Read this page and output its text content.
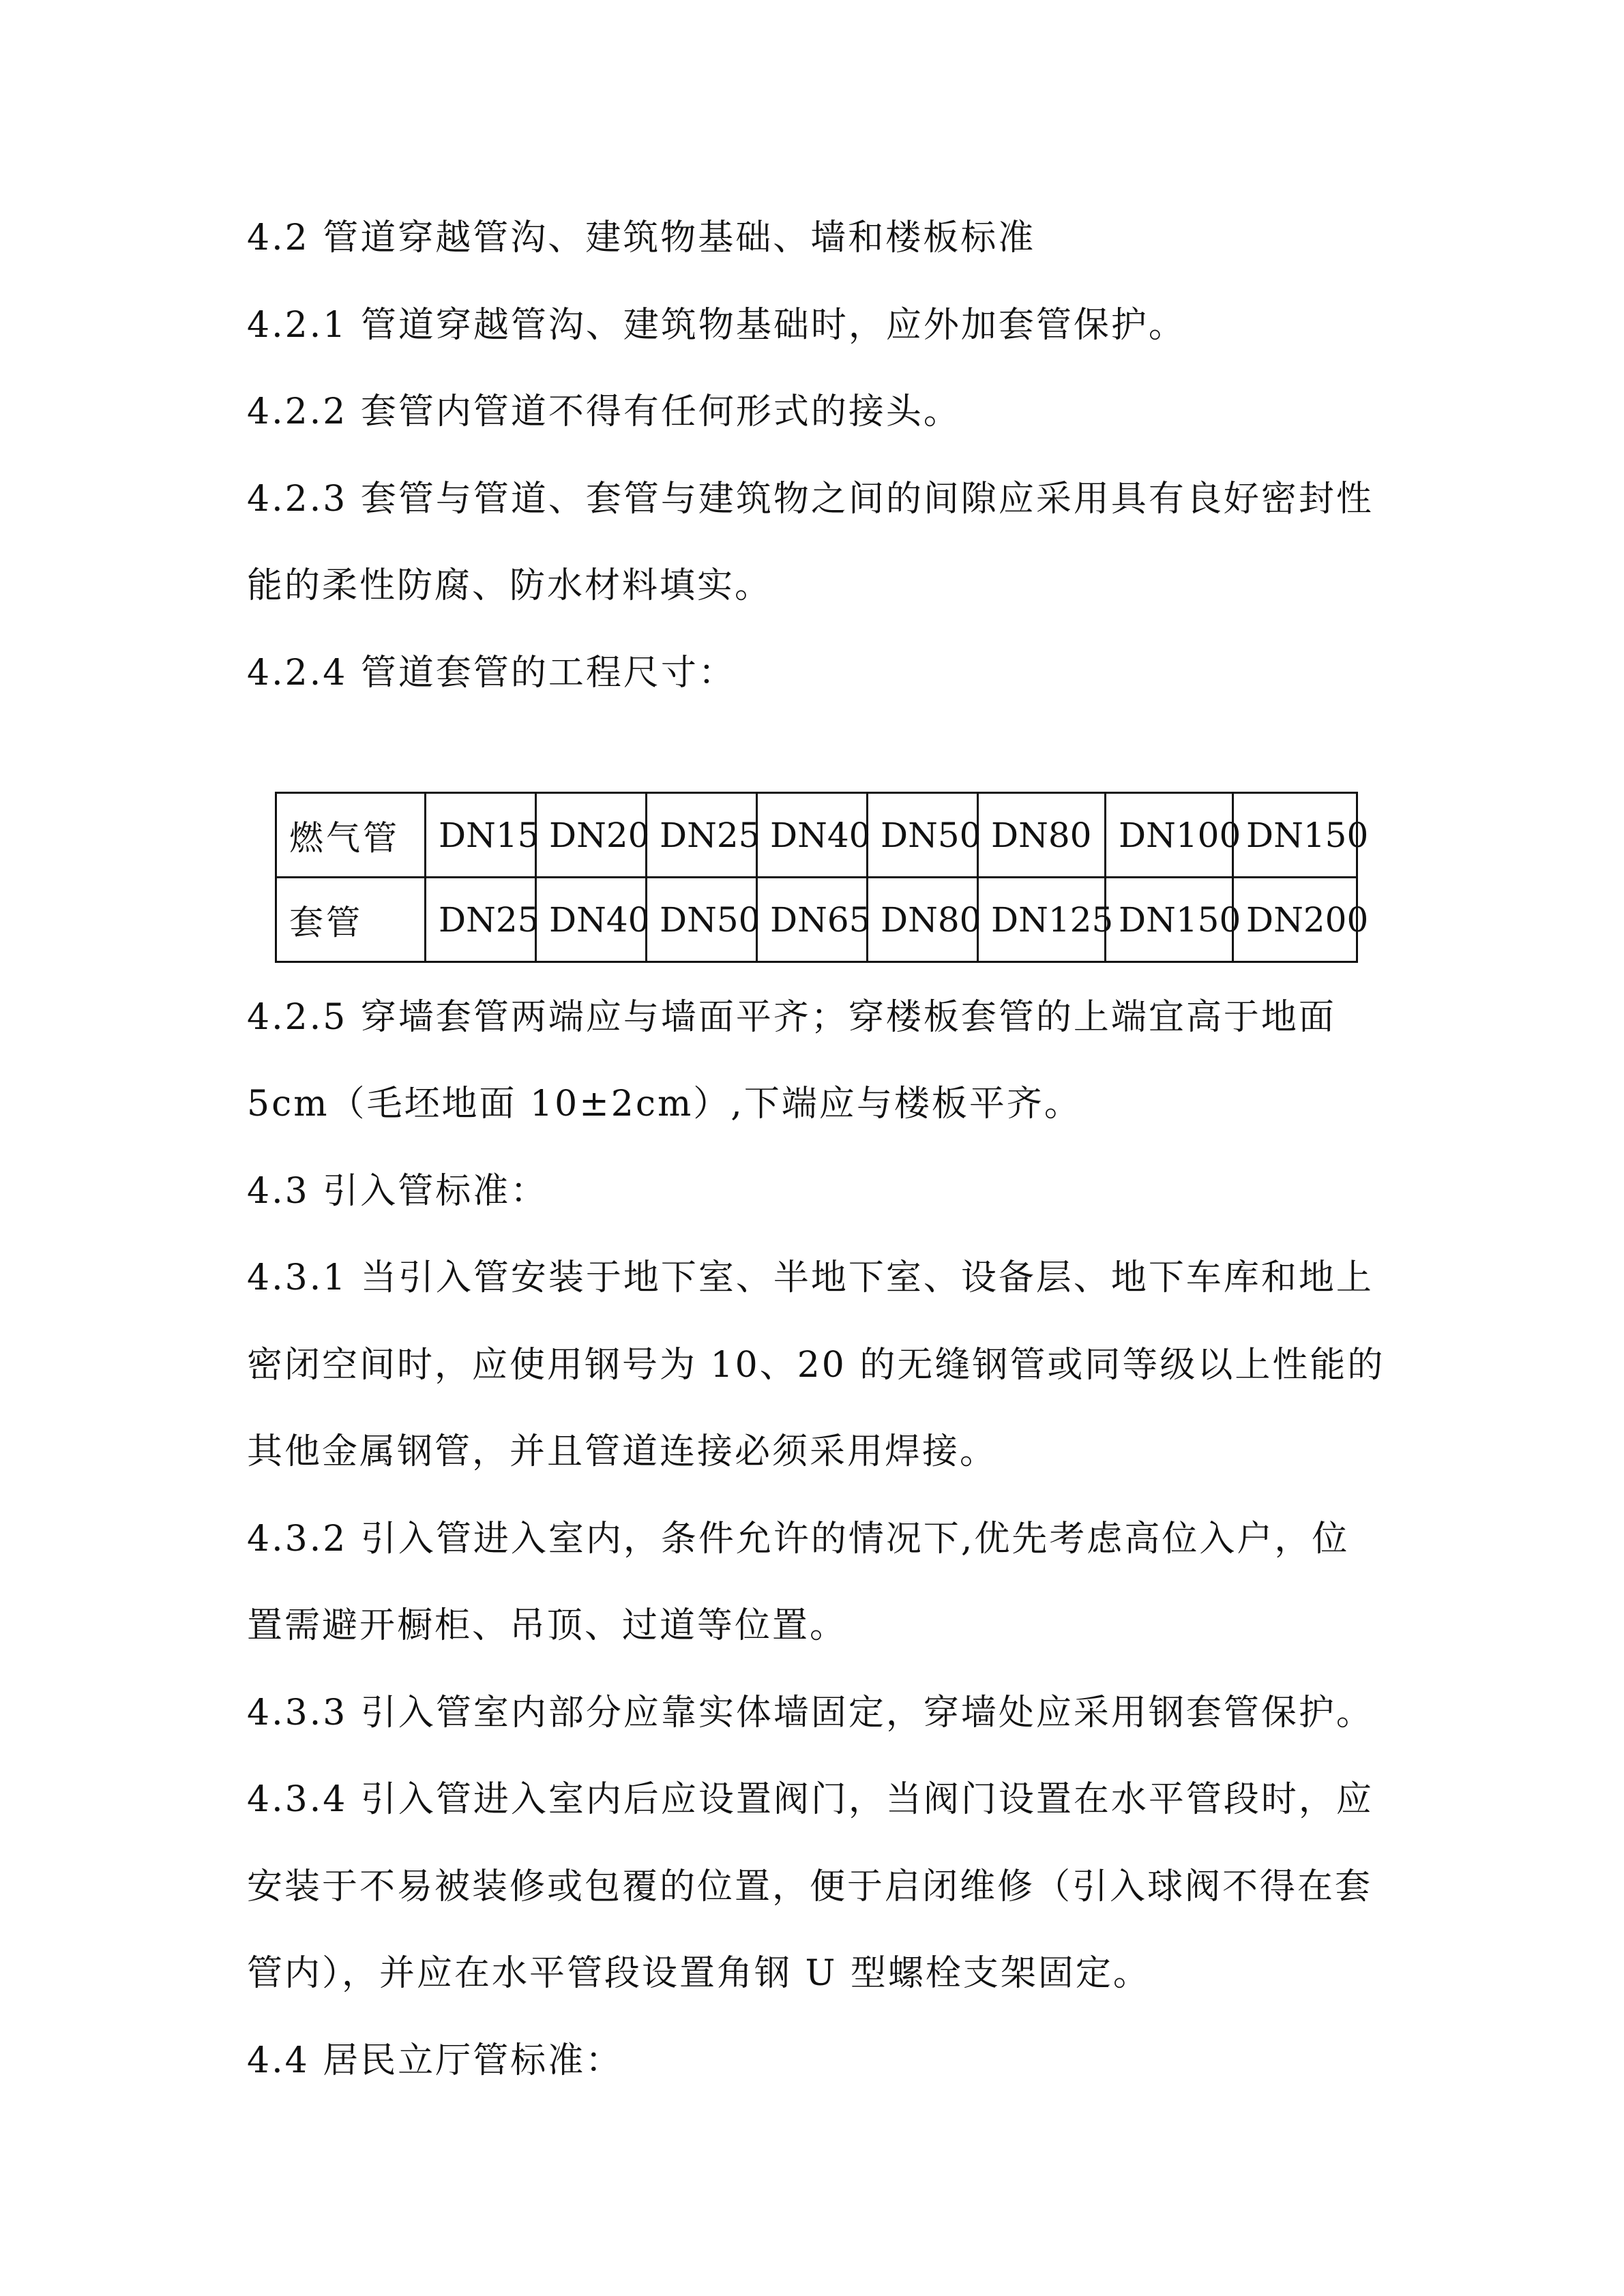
4.2 管道穿越管沟、建筑物基础、墙和楼板标准
4.2.1 管道穿越管沟、建筑物基础时，应外加套管保护。
4.2.2 套管内管道不得有任何形式的接头。
4.2.3 套管与管道、套管与建筑物之间的间隙应采用具有良好密封性
能的柔性防腐、防水材料填实。
4.2.4 管道套管的工程尺寸：
燃气管	DN15	DN20	DN25	DN40	DN50	DN80	DN100	DN150
套管	DN25	DN40	DN50	DN65	DN80	DN125	DN150	DN200
4.2.5 穿墙套管两端应与墙面平齐；穿楼板套管的上端宜高于地面
5cm（毛坯地面 10±2cm）,下端应与楼板平齐。
4.3 引入管标准：
4.3.1 当引入管安装于地下室、半地下室、设备层、地下车库和地上
密闭空间时，应使用钢号为 10、20 的无缝钢管或同等级以上性能的
其他金属钢管，并且管道连接必须采用焊接。
4.3.2 引入管进入室内，条件允许的情况下,优先考虑高位入户，位
置需避开橱柜、吊顶、过道等位置。
4.3.3 引入管室内部分应靠实体墙固定，穿墙处应采用钢套管保护。
4.3.4 引入管进入室内后应设置阀门，当阀门设置在水平管段时，应
安装于不易被装修或包覆的位置，便于启闭维修（引入球阀不得在套
管内），并应在水平管段设置角钢 U 型螺栓支架固定。
4.4 居民立厅管标准：
